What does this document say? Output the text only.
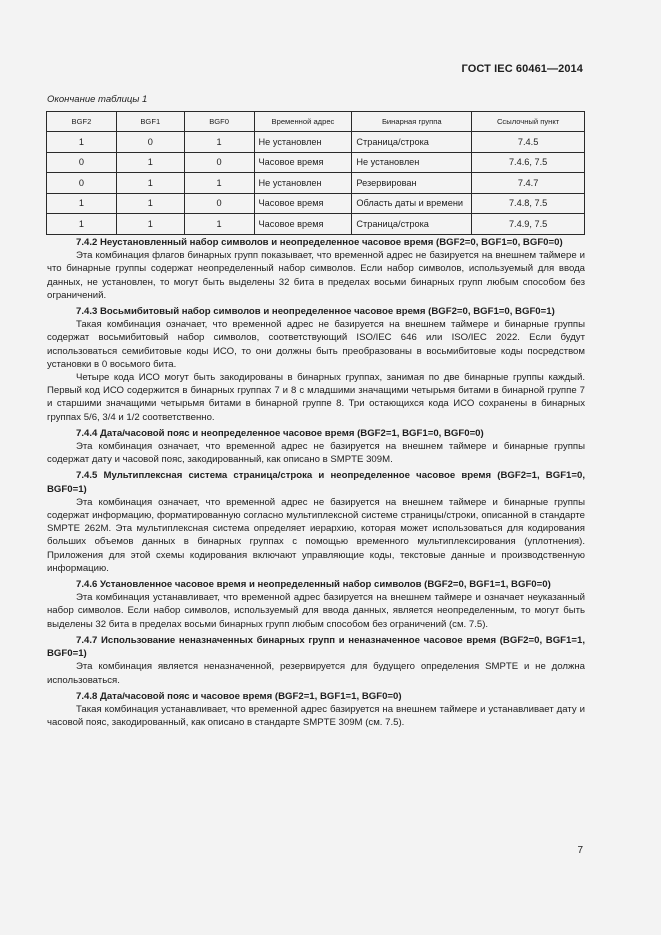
ГОСТ IEC 60461—2014
Окончание таблицы 1
BGF2	BGF1	BGF0	Временной адрес	Бинарная группа	Ссылочный пункт
1	0	1	Не установлен	Страница/строка	7.4.5
0	1	0	Часовое время	Не установлен	7.4.6, 7.5
0	1	1	Не установлен	Резервирован	7.4.7
1	1	0	Часовое время	Область даты и времени	7.4.8, 7.5
1	1	1	Часовое время	Страница/строка	7.4.9, 7.5

7.4.2 Неустановленный набор символов и неопределенное часовое время (BGF2=0, BGF1=0, BGF0=0)

Эта комбинация флагов бинарных групп показывает, что временной адрес не базируется на внешнем таймере и что бинарные группы содержат неопределенный набор символов. Если набор символов, используемый для ввода данных, не установлен, то могут быть выделены 32 бита в пределах восьми бинарных групп любым способом без ограничений.

7.4.3 Восьмибитовый набор символов и неопределенное часовое время (BGF2=0, BGF1=0, BGF0=1)

Такая комбинация означает, что временной адрес не базируется на внешнем таймере и бинарные группы содержат восьмибитовый набор символов, соответствующий ISO/IEC 646 или ISO/IEC 2022. Если будут использоваться семибитовые коды ИСО, то они должны быть преобразованы в восьмибитовые коды посредством установки в 0 восьмого бита.

Четыре кода ИСО могут быть закодированы в бинарных группах, занимая по две бинарные группы каждый. Первый код ИСО содержится в бинарных группах 7 и 8 с младшими значащими четырьмя битами в бинарной группе 7 и старшими значащими четырьмя битами в бинарной группе 8. Три остающихся кода ИСО сохранены в бинарных группах 5/6, 3/4 и 1/2 соответственно.

7.4.4 Дата/часовой пояс и неопределенное часовое время (BGF2=1, BGF1=0, BGF0=0)

Эта комбинация означает, что временной адрес не базируется на внешнем таймере и бинарные группы содержат дату и часовой пояс, закодированный, как описано в SMPTE 309M.

7.4.5 Мультиплексная система страница/строка и неопределенное часовое время (BGF2=1, BGF1=0, BGF0=1)

Эта комбинация означает, что временной адрес не базируется на внешнем таймере и бинарные группы содержат информацию, форматированную согласно мультиплексной системе страницы/строки, описанной в стандарте SMPTE 262M. Эта мультиплексная система определяет иерархию, которая может использоваться для кодирования больших объемов данных в бинарных группах с помощью временного мультиплексирования (уплотнения). Приложения для этой схемы кодирования включают управляющие коды, текстовые данные и производственную информацию.

7.4.6 Установленное часовое время и неопределенный набор символов (BGF2=0, BGF1=1, BGF0=0)

Эта комбинация устанавливает, что временной адрес базируется на внешнем таймере и означает неуказанный набор символов. Если набор символов, используемый для ввода данных, является неопределенным, то могут быть выделены 32 бита в пределах восьми бинарных групп любым способом без ограничений (см. 7.5).

7.4.7 Использование неназначенных бинарных групп и неназначенное часовое время (BGF2=0, BGF1=1, BGF0=1)

Эта комбинация является неназначенной, резервируется для будущего определения SMPTE и не должна использоваться.

7.4.8 Дата/часовой пояс и часовое время (BGF2=1, BGF1=1, BGF0=0)

Такая комбинация устанавливает, что временной адрес базируется на внешнем таймере и устанавливает дату и часовой пояс, закодированный, как описано в стандарте SMPTE 309M (см. 7.5).

7
